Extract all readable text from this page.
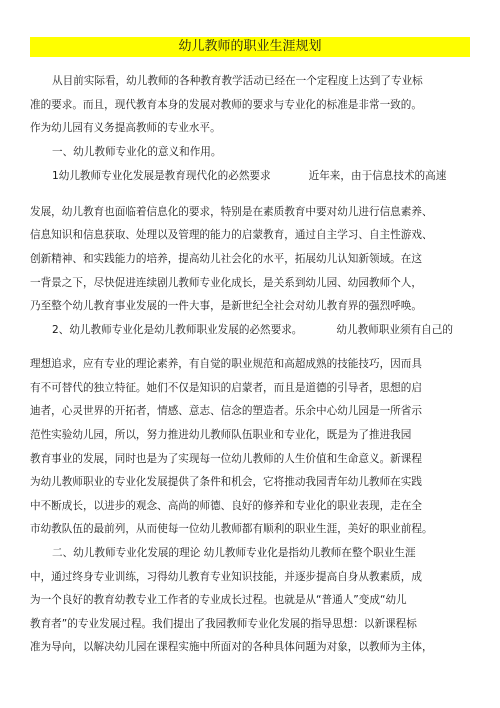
幼儿教师的职业生涯规划
从目前实际看，幼儿教师的各种教育教学活动已经在一个定程度上达到了专业标
准的要求。而且，现代教育本身的发展对教师的要求与专业化的标准是非常一致的。
作为幼儿园有义务提高教师的专业水平。
一、幼儿教师专业化的意义和作用。
1幼儿教师专业化发展是教育现代化的必然要求	近年来，由于信息技术的高速
发展，幼儿教育也面临着信息化的要求，特别是在素质教育中要对幼儿进行信息素养、
信息知识和信息获取、处理以及管理的能力的启蒙教育，通过自主学习、自主性游戏、
创新精神、和实践能力的培养，提高幼儿社会化的水平，拓展幼儿认知新领域。在这
一背景之下，尽快促进连续剧儿教师专业化成长，是关系到幼儿园、幼园教师个人，
乃至整个幼儿教育事业发展的一件大事，是新世纪全社会对幼儿教育界的强烈呼唤。
2、幼儿教师专业化是幼儿教师职业发展的必然要求。	幼儿教师职业须有自己的
理想追求，应有专业的理论素养，有自觉的职业规范和高超成熟的技能技巧，因而具
有不可替代的独立特征。她们不仅是知识的启蒙者，而且是道德的引导者，思想的启
迪者，心灵世界的开拓者，情感、意志、信念的塑造者。乐余中心幼儿园是一所省示
范性实验幼儿园，所以，努力推进幼儿教师队伍职业和专业化，既是为了推进我园
教育事业的发展，同时也是为了实现每一位幼儿教师的人生价值和生命意义。新课程
为幼儿教师职业的专业化发展提供了条件和机会，它将推动我园青年幼儿教师在实践
中不断成长，以进步的观念、高尚的师德、良好的修养和专业化的职业表现，走在全
市幼教队伍的最前列，从而使每一位幼儿教师都有顺利的职业生涯，美好的职业前程。
二、幼儿教师专业化发展的理论 幼儿教师专业化是指幼儿教师在整个职业生涯
中，通过终身专业训练，习得幼儿教育专业知识技能，并逐步提高自身从教素质，成
为一个良好的教育幼教专业工作者的专业成长过程。也就是从“普通人”变成“幼儿
教育者”的专业发展过程。我们提出了我园教师专业化发展的指导思想：以新课程标
准为导向，以解决幼儿园在课程实施中所面对的各种具体问题为对象，以教师为主体，
